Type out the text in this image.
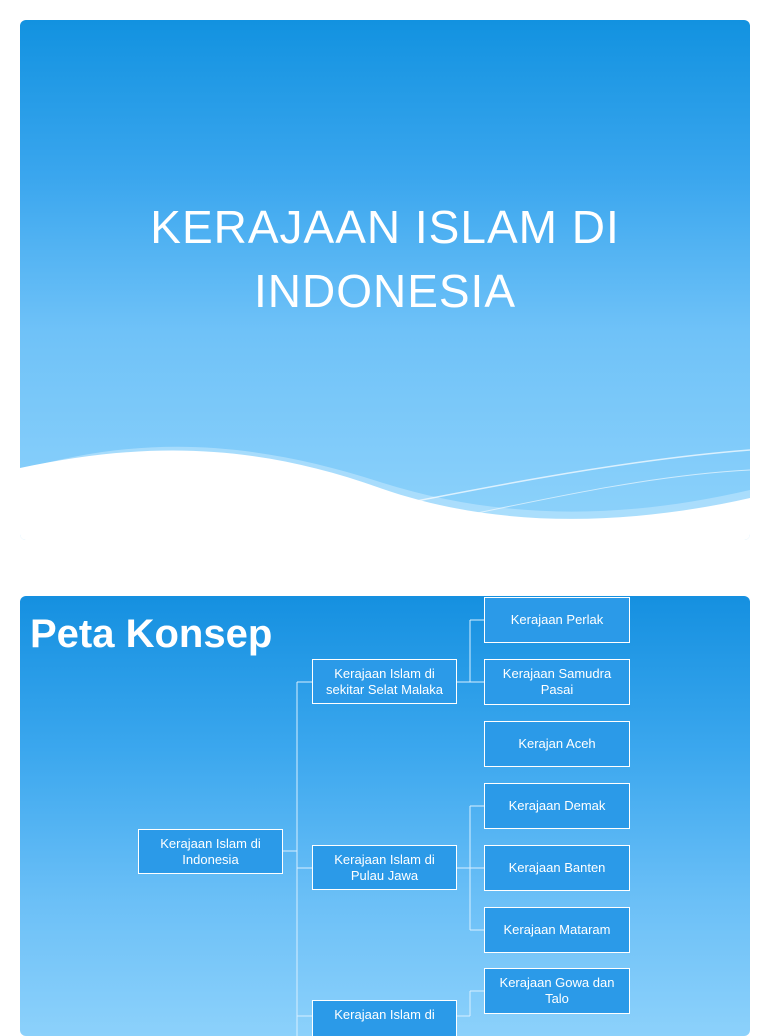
KERAJAAN ISLAM DI
INDONESIA
Peta Konsep
Kerajaan Islam di Indonesia
Kerajaan Islam di sekitar Selat Malaka
Kerajaan Islam di Pulau Jawa
Kerajaan Islam di
Kerajaan Perlak
Kerajaan Samudra Pasai
Kerajan Aceh
Kerajaan Demak
Kerajaan Banten
Kerajaan Mataram
Kerajaan Gowa dan Talo
